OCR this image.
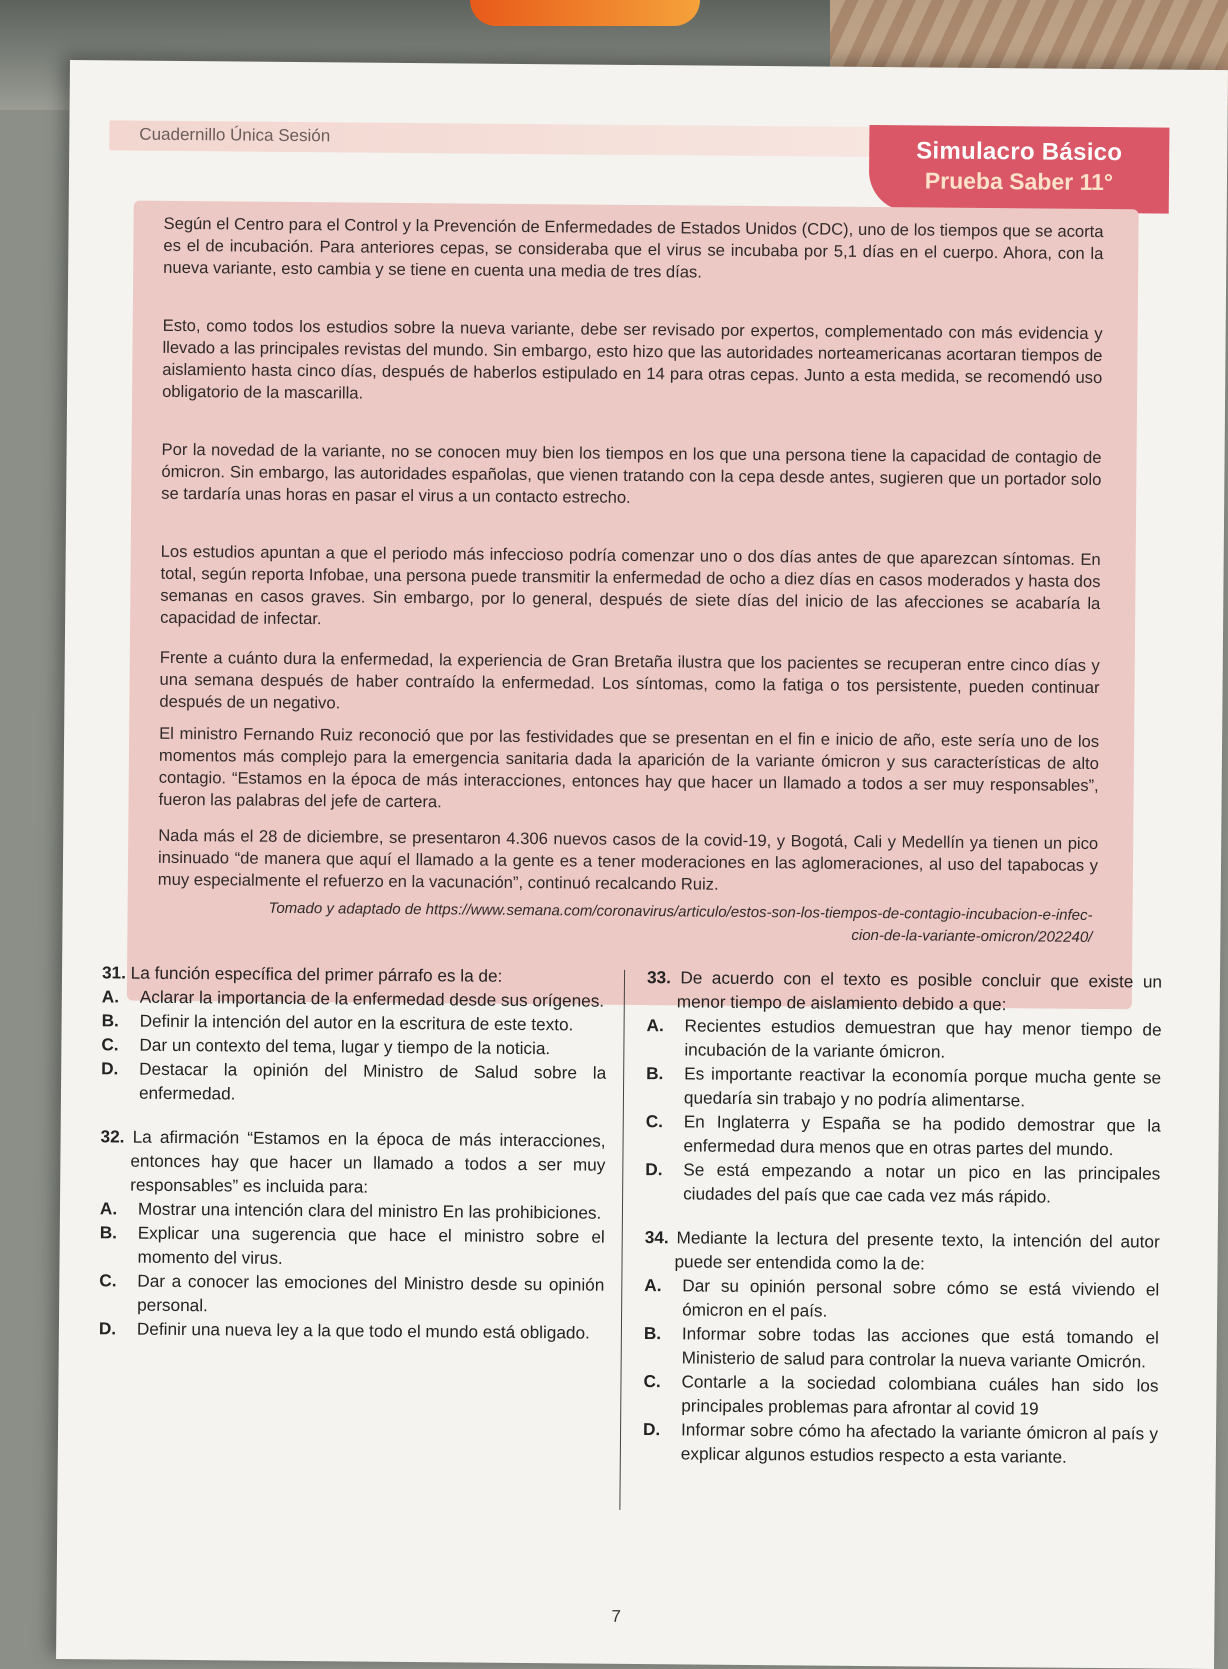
Cuadernillo Única Sesión
Simulacro Básico
Prueba Saber 11°

Según el Centro para el Control y la Prevención de Enfermedades de Estados Unidos (CDC), uno de los tiempos que se acorta es el de incubación. Para anteriores cepas, se consideraba que el virus se incubaba por 5,1 días en el cuerpo. Ahora, con la nueva variante, esto cambia y se tiene en cuenta una media de tres días.

Esto, como todos los estudios sobre la nueva variante, debe ser revisado por expertos, complementado con más evidencia y llevado a las principales revistas del mundo. Sin embargo, esto hizo que las autoridades norteamericanas acortaran tiempos de aislamiento hasta cinco días, después de haberlos estipulado en 14 para otras cepas. Junto a esta medida, se recomendó uso obligatorio de la mascarilla.

Por la novedad de la variante, no se conocen muy bien los tiempos en los que una persona tiene la capacidad de contagio de ómicron. Sin embargo, las autoridades españolas, que vienen tratando con la cepa desde antes, sugieren que un portador solo se tardaría unas horas en pasar el virus a un contacto estrecho.

Los estudios apuntan a que el periodo más infeccioso podría comenzar uno o dos días antes de que aparezcan síntomas. En total, según reporta Infobae, una persona puede transmitir la enfermedad de ocho a diez días en casos moderados y hasta dos semanas en casos graves. Sin embargo, por lo general, después de siete días del inicio de las afecciones se acabaría la capacidad de infectar.

Frente a cuánto dura la enfermedad, la experiencia de Gran Bretaña ilustra que los pacientes se recuperan entre cinco días y una semana después de haber contraído la enfermedad. Los síntomas, como la fatiga o tos persistente, pueden continuar después de un negativo.

El ministro Fernando Ruiz reconoció que por las festividades que se presentan en el fin e inicio de año, este sería uno de los momentos más complejo para la emergencia sanitaria dada la aparición de la variante ómicron y sus características de alto contagio. “Estamos en la época de más interacciones, entonces hay que hacer un llamado a todos a ser muy responsables”, fueron las palabras del jefe de cartera.

Nada más el 28 de diciembre, se presentaron 4.306 nuevos casos de la covid-19, y Bogotá, Cali y Medellín ya tienen un pico insinuado “de manera que aquí el llamado a la gente es a tener moderaciones en las aglomeraciones, al uso del tapabocas y muy especialmente el refuerzo en la vacunación”, continuó recalcando Ruiz.

Tomado y adaptado de https://www.semana.com/coronavirus/articulo/estos-son-los-tiempos-de-contagio-incubacion-e-infec-
cion-de-la-variante-omicron/202240/

31. La función específica del primer párrafo es la de:

A. Aclarar la importancia de la enfermedad desde sus orígenes.

B. Definir la intención del autor en la escritura de este texto.

C. Dar un contexto del tema, lugar y tiempo de la noticia.

D. Destacar la opinión del Ministro de Salud sobre la enfermedad.

32. La afirmación “Estamos en la época de más interacciones, entonces hay que hacer un llamado a todos a ser muy responsables” es incluida para:

A. Mostrar una intención clara del ministro En las prohibiciones.

B. Explicar una sugerencia que hace el ministro sobre el momento del virus.

C. Dar a conocer las emociones del Ministro desde su opinión personal.

D. Definir una nueva ley a la que todo el mundo está obligado.

33. De acuerdo con el texto es posible concluir que existe un menor tiempo de aislamiento debido a que:

A. Recientes estudios demuestran que hay menor tiempo de incubación de la variante ómicron.

B. Es importante reactivar la economía porque mucha gente se quedaría sin trabajo y no podría alimentarse.

C. En Inglaterra y España se ha podido demostrar que la enfermedad dura menos que en otras partes del mundo.

D. Se está empezando a notar un pico en las principales ciudades del país que cae cada vez más rápido.

34. Mediante la lectura del presente texto, la intención del autor puede ser entendida como la de:

A. Dar su opinión personal sobre cómo se está viviendo el ómicron en el país.

B. Informar sobre todas las acciones que está tomando el Ministerio de salud para controlar la nueva variante Omicrón.

C. Contarle a la sociedad colombiana cuáles han sido los principales problemas para afrontar al covid 19

D. Informar sobre cómo ha afectado la variante ómicron al país y explicar algunos estudios respecto a esta variante.

7
